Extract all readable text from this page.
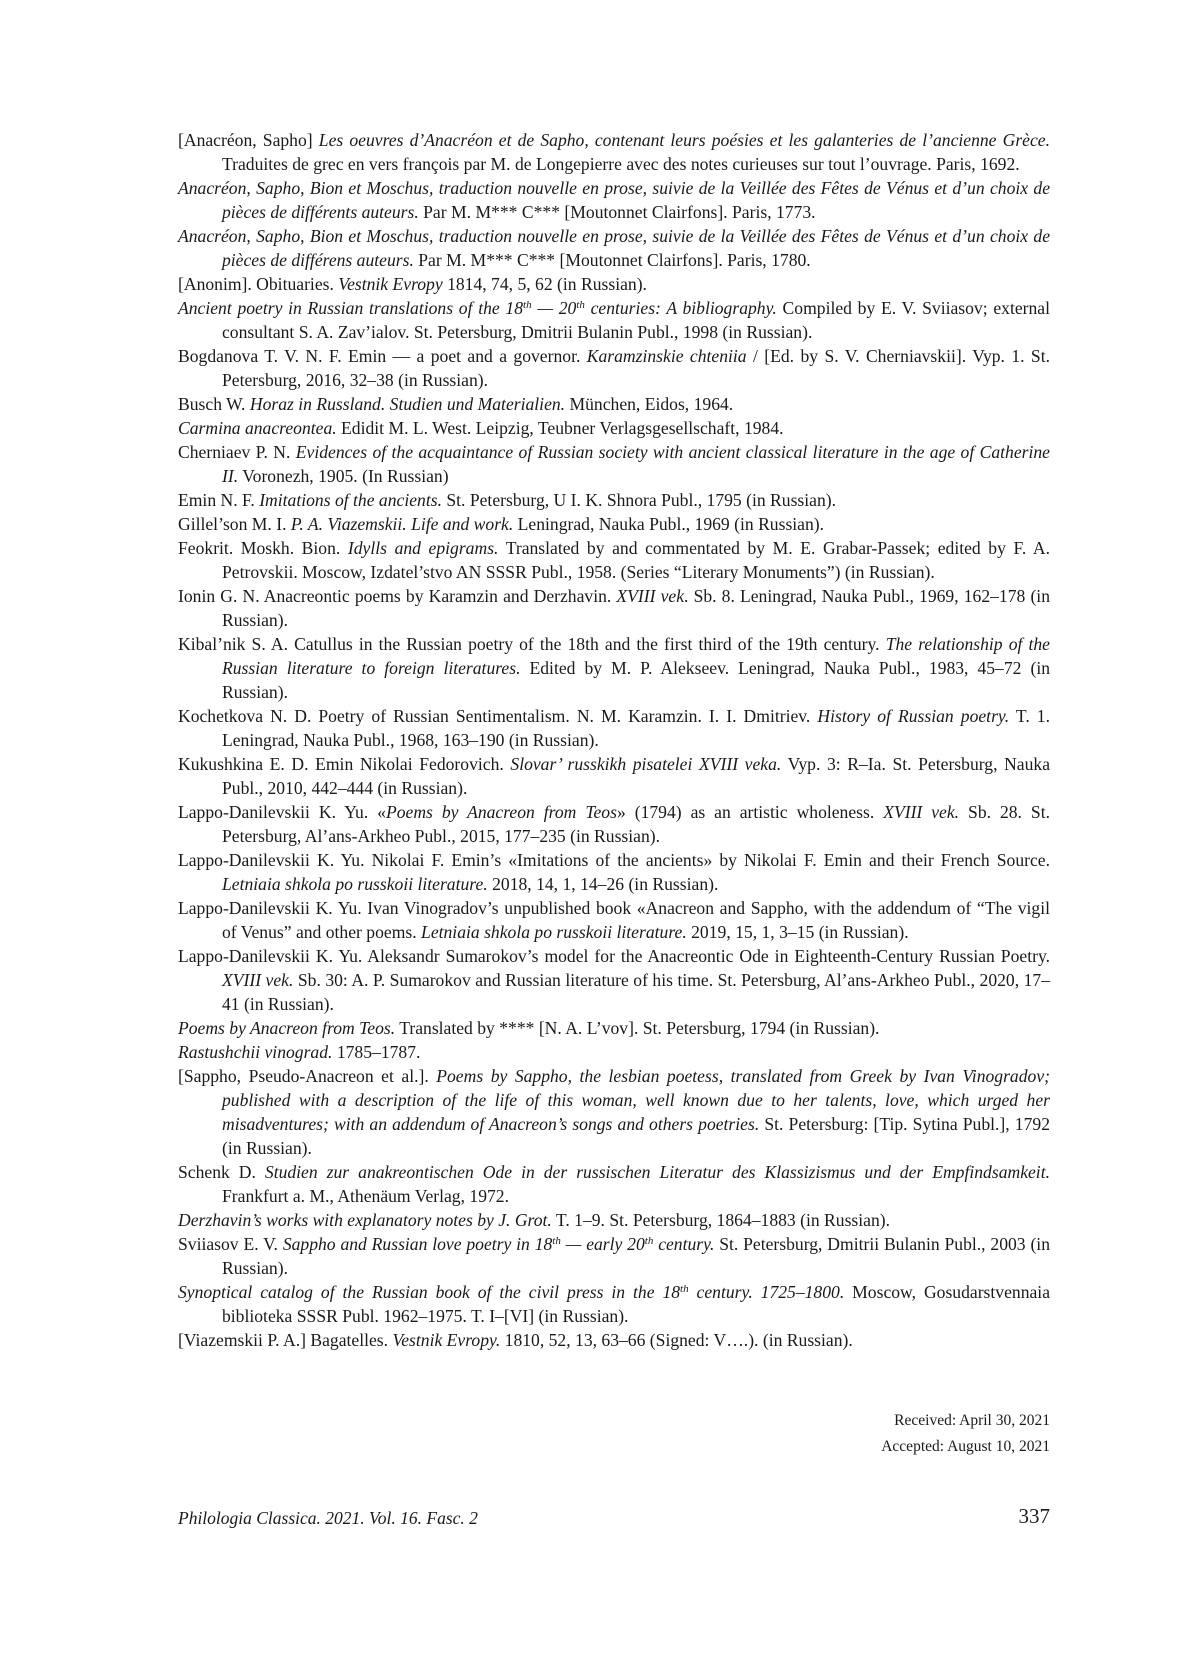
[Anacréon, Sapho] Les oeuvres d’Anacréon et de Sapho, contenant leurs poésies et les galanteries de l’ancienne Grèce. Traduites de grec en vers françois par M. de Longepierre avec des notes curieuses sur tout l’ouvrage. Paris, 1692.
Anacréon, Sapho, Bion et Moschus, traduction nouvelle en prose, suivie de la Veillée des Fêtes de Vénus et d’un choix de pièces de différents auteurs. Par M. M*** C*** [Moutonnet Clairfons]. Paris, 1773.
Anacréon, Sapho, Bion et Moschus, traduction nouvelle en prose, suivie de la Veillée des Fêtes de Vénus et d’un choix de pièces de différens auteurs. Par M. M*** C*** [Moutonnet Clairfons]. Paris, 1780.
[Anonim]. Obituaries. Vestnik Evropy 1814, 74, 5, 62 (in Russian).
Ancient poetry in Russian translations of the 18th — 20th centuries: A bibliography. Compiled by E. V. Sviiasov; external consultant S. A. Zav’ialov. St. Petersburg, Dmitrii Bulanin Publ., 1998 (in Russian).
Bogdanova T. V. N. F. Emin — a poet and a governor. Karamzinskie chteniia / [Ed. by S. V. Cherniavskii]. Vyp. 1. St. Petersburg, 2016, 32–38 (in Russian).
Busch W. Horaz in Russland. Studien und Materialien. München, Eidos, 1964.
Carmina anacreontea. Edidit M. L. West. Leipzig, Teubner Verlagsgesellschaft, 1984.
Cherniaev P. N. Evidences of the acquaintance of Russian society with ancient classical literature in the age of Catherine II. Voronezh, 1905. (In Russian)
Emin N. F. Imitations of the ancients. St. Petersburg, U I. K. Shnora Publ., 1795 (in Russian).
Gillel’son M. I. P. A. Viazemskii. Life and work. Leningrad, Nauka Publ., 1969 (in Russian).
Feokrit. Moskh. Bion. Idylls and epigrams. Translated by and commentated by M. E. Grabar-Passek; edited by F. A. Petrovskii. Moscow, Izdatel’stvo AN SSSR Publ., 1958. (Series “Literary Monuments”) (in Russian).
Ionin G. N. Anacreontic poems by Karamzin and Derzhavin. XVIII vek. Sb. 8. Leningrad, Nauka Publ., 1969, 162–178 (in Russian).
Kibal’nik S. A. Catullus in the Russian poetry of the 18th and the first third of the 19th century. The relationship of the Russian literature to foreign literatures. Edited by M. P. Alekseev. Leningrad, Nauka Publ., 1983, 45–72 (in Russian).
Kochetkova N. D. Poetry of Russian Sentimentalism. N. M. Karamzin. I. I. Dmitriev. History of Russian poetry. T. 1. Leningrad, Nauka Publ., 1968, 163–190 (in Russian).
Kukushkina E. D. Emin Nikolai Fedorovich. Slovar’ russkikh pisatelei XVIII veka. Vyp. 3: R–Ia. St. Petersburg, Nauka Publ., 2010, 442–444 (in Russian).
Lappo-Danilevskii K. Yu. «Poems by Anacreon from Teos» (1794) as an artistic wholeness. XVIII vek. Sb. 28. St. Petersburg, Al’ans-Arkheo Publ., 2015, 177–235 (in Russian).
Lappo-Danilevskii K. Yu. Nikolai F. Emin’s «Imitations of the ancients» by Nikolai F. Emin and their French Source. Letniaia shkola po russkoii literature. 2018, 14, 1, 14–26 (in Russian).
Lappo-Danilevskii K. Yu. Ivan Vinogradov’s unpublished book «Anacreon and Sappho, with the addendum of “The vigil of Venus” and other poems. Letniaia shkola po russkoii literature. 2019, 15, 1, 3–15 (in Russian).
Lappo-Danilevskii K. Yu. Aleksandr Sumarokov’s model for the Anacreontic Ode in Eighteenth-Century Russian Poetry. XVIII vek. Sb. 30: A. P. Sumarokov and Russian literature of his time. St. Petersburg, Al’ans-Arkheo Publ., 2020, 17–41 (in Russian).
Poems by Anacreon from Teos. Translated by **** [N. A. L’vov]. St. Petersburg, 1794 (in Russian).
Rastushchii vinograd. 1785–1787.
[Sappho, Pseudo-Anacreon et al.]. Poems by Sappho, the lesbian poetess, translated from Greek by Ivan Vinogradov; published with a description of the life of this woman, well known due to her talents, love, which urged her misadventures; with an addendum of Anacreon’s songs and others poetries. St. Petersburg: [Tip. Sytina Publ.], 1792 (in Russian).
Schenk D. Studien zur anakreontischen Ode in der russischen Literatur des Klassizismus und der Empfindsamkeit. Frankfurt a. M., Athenäum Verlag, 1972.
Derzhavin’s works with explanatory notes by J. Grot. T. 1–9. St. Petersburg, 1864–1883 (in Russian).
Sviiasov E. V. Sappho and Russian love poetry in 18th — early 20th century. St. Petersburg, Dmitrii Bulanin Publ., 2003 (in Russian).
Synoptical catalog of the Russian book of the civil press in the 18th century. 1725–1800. Moscow, Gosudarstvennaia biblioteka SSSR Publ. 1962–1975. T. I–[VI] (in Russian).
[Viazemskii P. A.] Bagatelles. Vestnik Evropy. 1810, 52, 13, 63–66 (Signed: V….). (in Russian).
Received: April 30, 2021
Accepted: August 10, 2021
Philologia Classica. 2021. Vol. 16. Fasc. 2	337
